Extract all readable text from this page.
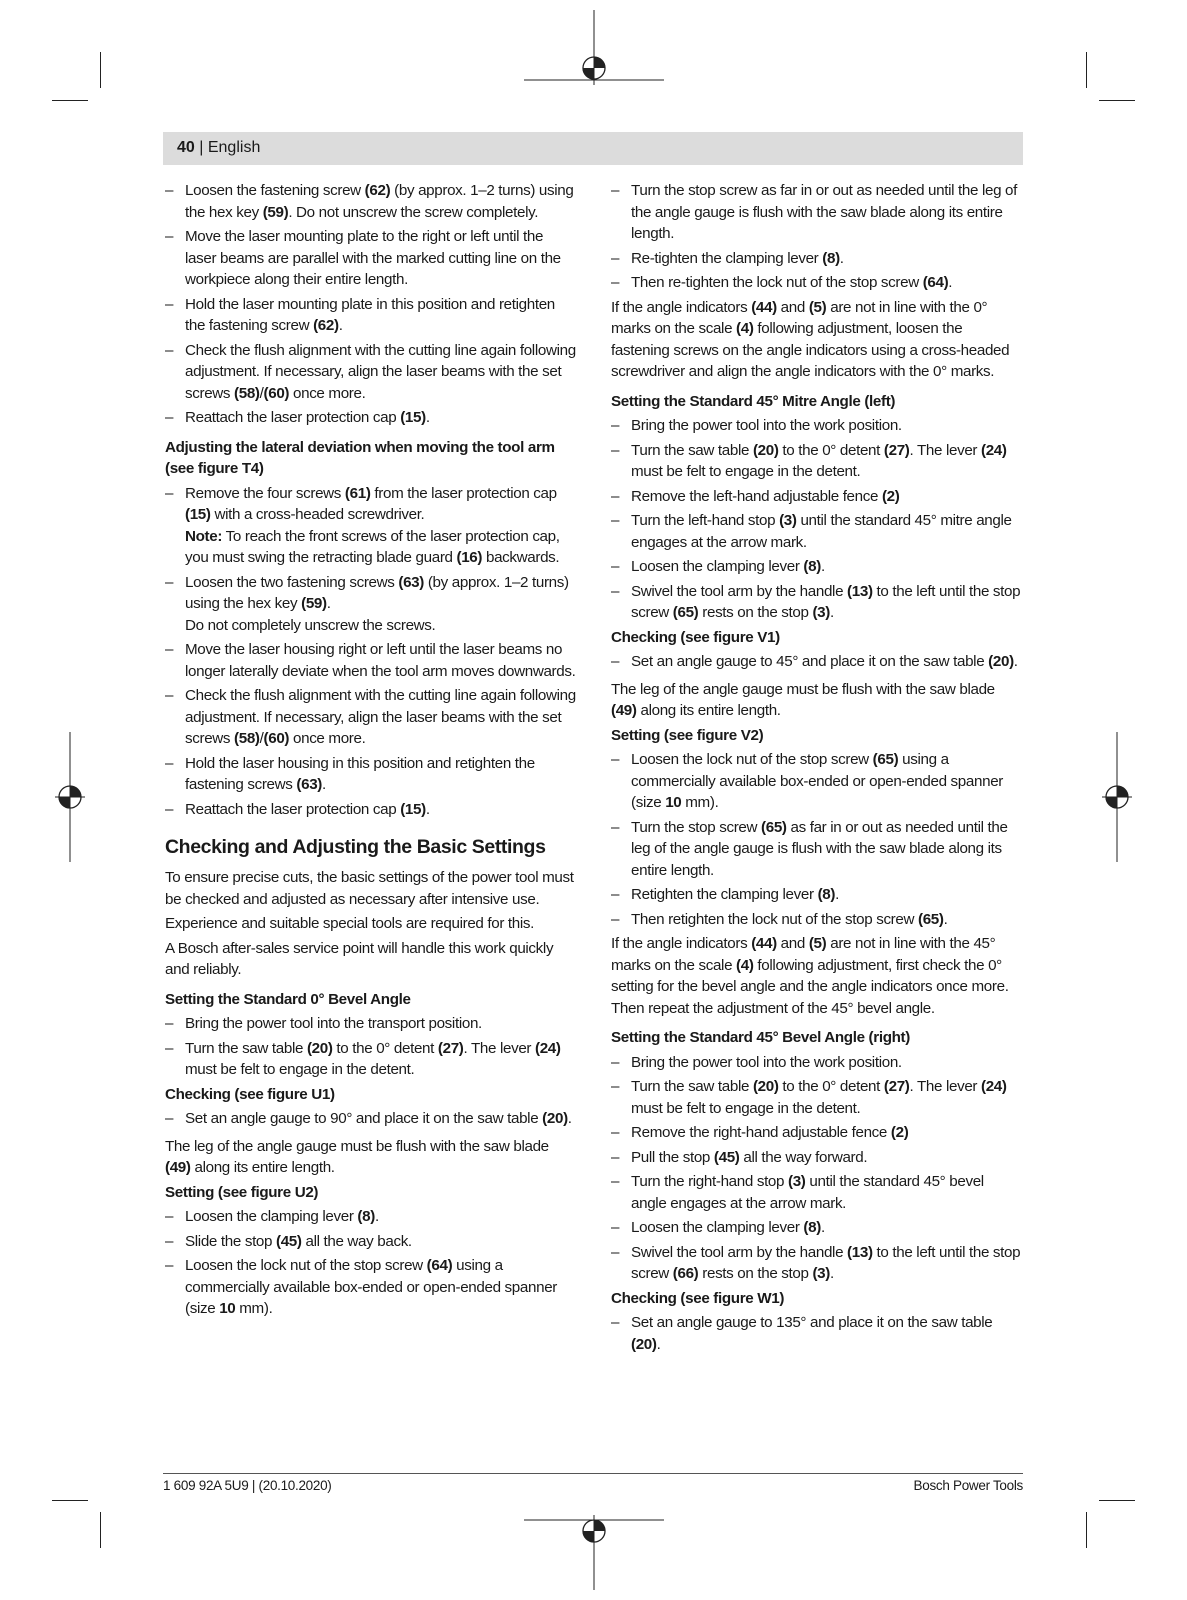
40 | English
– Loosen the fastening screw (62) (by approx. 1–2 turns) using the hex key (59). Do not unscrew the screw completely.
– Move the laser mounting plate to the right or left until the laser beams are parallel with the marked cutting line on the workpiece along their entire length.
– Hold the laser mounting plate in this position and retighten the fastening screw (62).
– Check the flush alignment with the cutting line again following adjustment. If necessary, align the laser beams with the set screws (58)/(60) once more.
– Reattach the laser protection cap (15).
Adjusting the lateral deviation when moving the tool arm (see figure T4)
– Remove the four screws (61) from the laser protection cap (15) with a cross-headed screwdriver.
Note: To reach the front screws of the laser protection cap, you must swing the retracting blade guard (16) backwards.
– Loosen the two fastening screws (63) (by approx. 1–2 turns) using the hex key (59).
Do not completely unscrew the screws.
– Move the laser housing right or left until the laser beams no longer laterally deviate when the tool arm moves downwards.
– Check the flush alignment with the cutting line again following adjustment. If necessary, align the laser beams with the set screws (58)/(60) once more.
– Hold the laser housing in this position and retighten the fastening screws (63).
– Reattach the laser protection cap (15).
Checking and Adjusting the Basic Settings

To ensure precise cuts, the basic settings of the power tool must be checked and adjusted as necessary after intensive use.

Experience and suitable special tools are required for this.

A Bosch after-sales service point will handle this work quickly and reliably.

Setting the Standard 0° Bevel Angle
– Bring the power tool into the transport position.
– Turn the saw table (20) to the 0° detent (27). The lever (24) must be felt to engage in the detent.
Checking (see figure U1)
– Set an angle gauge to 90° and place it on the saw table (20).

The leg of the angle gauge must be flush with the saw blade (49) along its entire length.

Setting (see figure U2)
– Loosen the clamping lever (8).
– Slide the stop (45) all the way back.
– Loosen the lock nut of the stop screw (64) using a commercially available box-ended or open-ended spanner (size 10 mm).
– Turn the stop screw as far in or out as needed until the leg of the angle gauge is flush with the saw blade along its entire length.
– Re-tighten the clamping lever (8).
– Then re-tighten the lock nut of the stop screw (64).

If the angle indicators (44) and (5) are not in line with the 0° marks on the scale (4) following adjustment, loosen the fastening screws on the angle indicators using a cross-headed screwdriver and align the angle indicators with the 0° marks.

Setting the Standard 45° Mitre Angle (left)
– Bring the power tool into the work position.
– Turn the saw table (20) to the 0° detent (27). The lever (24) must be felt to engage in the detent.
– Remove the left-hand adjustable fence (2)
– Turn the left-hand stop (3) until the standard 45° mitre angle engages at the arrow mark.
– Loosen the clamping lever (8).
– Swivel the tool arm by the handle (13) to the left until the stop screw (65) rests on the stop (3).
Checking (see figure V1)
– Set an angle gauge to 45° and place it on the saw table (20).

The leg of the angle gauge must be flush with the saw blade (49) along its entire length.

Setting (see figure V2)
– Loosen the lock nut of the stop screw (65) using a commercially available box-ended or open-ended spanner (size 10 mm).
– Turn the stop screw (65) as far in or out as needed until the leg of the angle gauge is flush with the saw blade along its entire length.
– Retighten the clamping lever (8).
– Then retighten the lock nut of the stop screw (65).

If the angle indicators (44) and (5) are not in line with the 45° marks on the scale (4) following adjustment, first check the 0° setting for the bevel angle and the angle indicators once more. Then repeat the adjustment of the 45° bevel angle.

Setting the Standard 45° Bevel Angle (right)
– Bring the power tool into the work position.
– Turn the saw table (20) to the 0° detent (27). The lever (24) must be felt to engage in the detent.
– Remove the right-hand adjustable fence (2)
– Pull the stop (45) all the way forward.
– Turn the right-hand stop (3) until the standard 45° bevel angle engages at the arrow mark.
– Loosen the clamping lever (8).
– Swivel the tool arm by the handle (13) to the left until the stop screw (66) rests on the stop (3).
Checking (see figure W1)
– Set an angle gauge to 135° and place it on the saw table (20).
1 609 92A 5U9 | (20.10.2020)	Bosch Power Tools
